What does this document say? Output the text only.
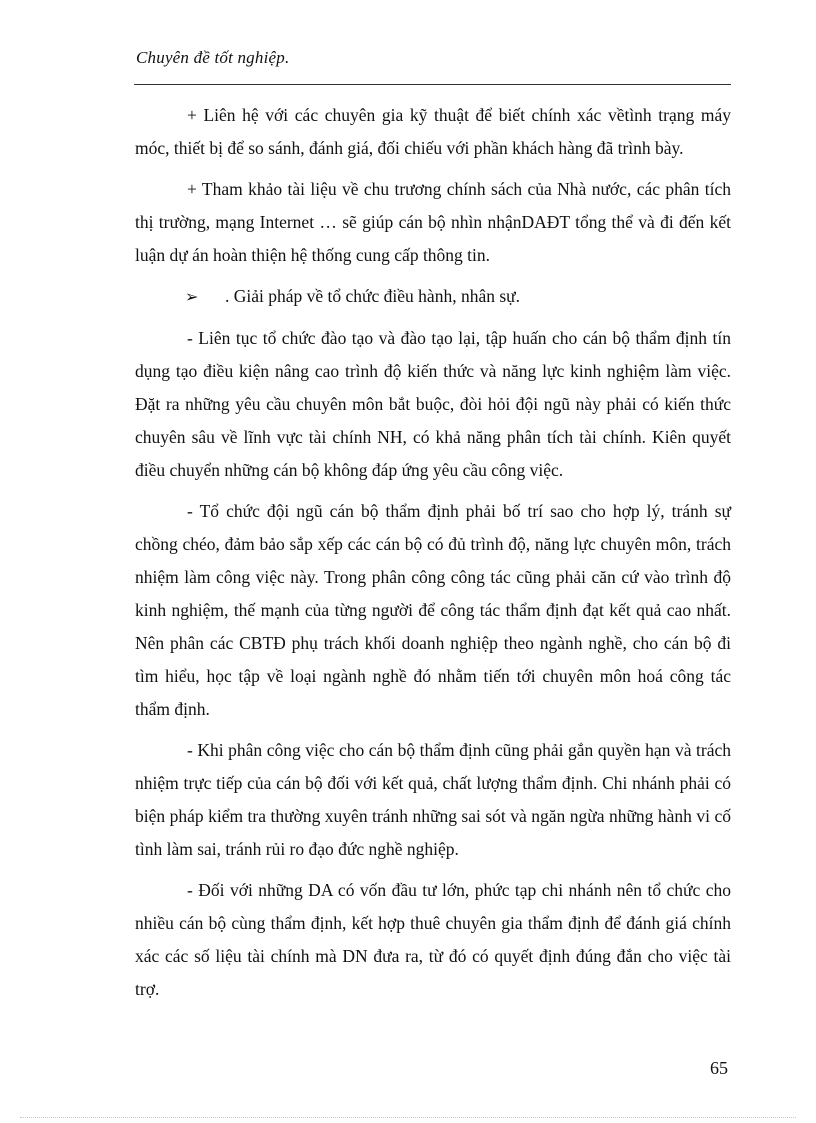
Chuyên đề tốt nghiệp.

+ Liên hệ với các chuyên gia kỹ thuật để biết chính xác vềtình trạng máy móc, thiết bị để so sánh, đánh giá, đối chiếu với phần khách hàng đã trình bày.

+ Tham khảo tài liệu về chu trương chính sách của Nhà nước, các phân tích thị trường, mạng Internet … sẽ giúp cán bộ nhìn nhậnDAĐT tổng thể và đi đến kết luận dự án hoàn thiện hệ thống cung cấp thông tin.

➢ . Giải pháp về tổ chức điều hành, nhân sự.

- Liên tục tổ chức đào tạo và đào tạo lại, tập huấn cho cán bộ thẩm định tín dụng tạo điều kiện nâng cao trình độ kiến thức và năng lực kinh nghiệm làm việc. Đặt ra những yêu cầu chuyên môn bắt buộc, đòi hỏi đội ngũ này phải có kiến thức chuyên sâu về lĩnh vực tài chính NH, có khả năng phân tích tài chính. Kiên quyết điều chuyển những cán bộ không đáp ứng yêu cầu công việc.

- Tổ chức đội ngũ cán bộ thẩm định phải bố trí sao cho hợp lý, tránh sự chồng chéo, đảm bảo sắp xếp các cán bộ có đủ trình độ, năng lực chuyên môn, trách nhiệm làm công việc này. Trong phân công công tác cũng phải căn cứ vào trình độ kinh nghiệm, thế mạnh của từng người để công tác thẩm định đạt kết quả cao nhất. Nên phân các CBTĐ phụ trách khối doanh nghiệp theo ngành nghề, cho cán bộ đi tìm hiểu, học tập về loại ngành nghề đó nhằm tiến tới chuyên môn hoá công tác thẩm định.

- Khi phân công việc cho cán bộ thẩm định cũng phải gắn quyền hạn và trách nhiệm trực tiếp của cán bộ đối với kết quả, chất lượng thẩm định. Chi nhánh phải có biện pháp kiểm tra thường xuyên tránh những sai sót và ngăn ngừa những hành vi cố tình làm sai, tránh rủi ro đạo đức nghề nghiệp.

- Đối với những DA có vốn đầu tư lớn, phức tạp chi nhánh nên tổ chức cho nhiều cán bộ cùng thẩm định, kết hợp thuê chuyên gia thẩm định để đánh giá chính xác các số liệu tài chính mà DN đưa ra, từ đó có quyết định đúng đắn cho việc tài trợ.

65
